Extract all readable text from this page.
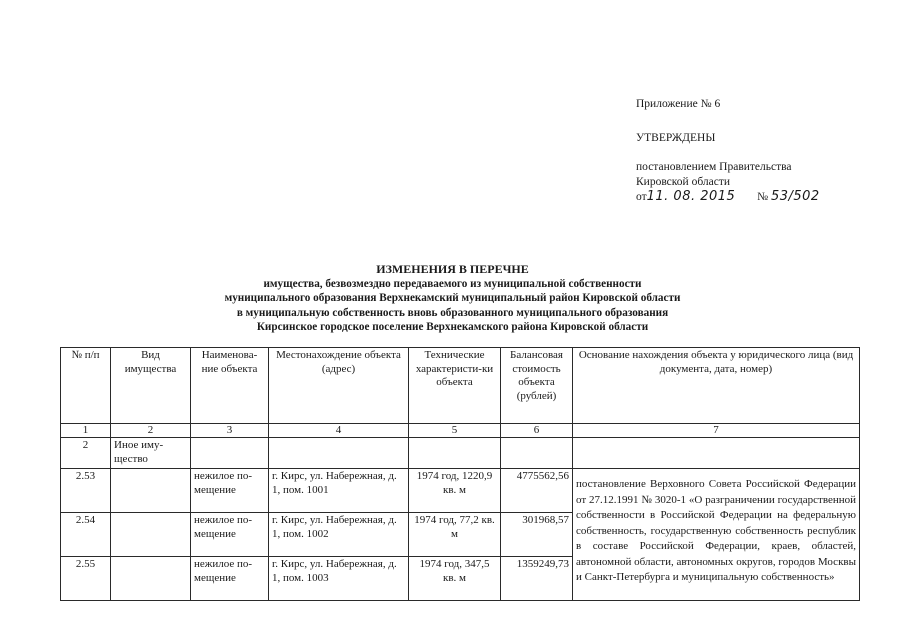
Приложение № 6
УТВЕРЖДЕНЫ
постановлением Правительства
Кировской области
от11. 08. 2015 № 53/502
ИЗМЕНЕНИЯ В ПЕРЕЧНЕ
имущества, безвозмездно передаваемого из муниципальной собственности
муниципального образования Верхнекамский муниципальный район Кировской области
в муниципальную собственность вновь образованного муниципального образования
Кирсинское городское поселение Верхнекамского района Кировской области
№ п/п	Вид имущества	Наименова-ние объекта	Местонахождение объекта (адрес)	Технические характеристи-ки объекта	Балансовая стоимость объекта (рублей)	Основание нахождения объекта у юридического лица (вид документа, дата, номер)
1	2	3	4	5	6	7
2	Иное иму-щество					
2.53		нежилое по-мещение	г. Кирс, ул. Набережная, д. 1, пом. 1001	1974 год, 1220,9 кв. м	4775562,56	постановление Верховного Совета Российской Федерации от 27.12.1991 № 3020-1 «О разграничении государственной собственности в Российской Федерации на федеральную собственность, государственную собственность республик в составе Российской Федерации, краев, областей, автономной области, автономных округов, городов Москвы и Санкт-Петербурга и муниципальную собственность»
2.54		нежилое по-мещение	г. Кирс, ул. Набережная, д. 1, пом. 1002	1974 год, 77,2 кв. м	301968,57	
2.55		нежилое по-мещение	г. Кирс, ул. Набережная, д. 1, пом. 1003	1974 год, 347,5 кв. м	1359249,73	
